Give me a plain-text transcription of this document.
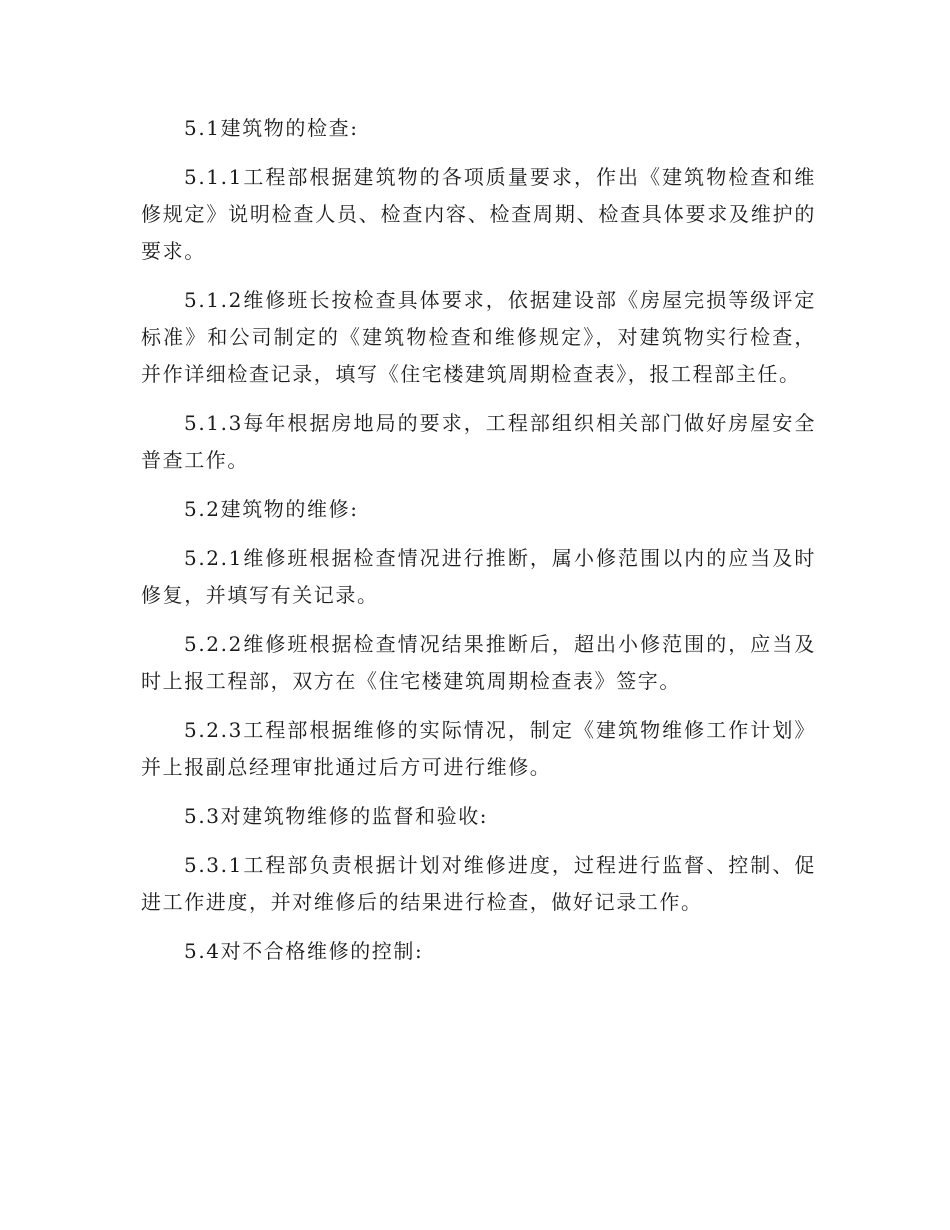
5.1建筑物的检查:

5.1.1工程部根据建筑物的各项质量要求，作出《建筑物检查和维修规定》说明检查人员、检查内容、检查周期、检查具体要求及维护的要求。

5.1.2维修班长按检查具体要求，依据建设部《房屋完损等级评定标准》和公司制定的《建筑物检查和维修规定》，对建筑物实行检查，并作详细检查记录，填写《住宅楼建筑周期检查表》，报工程部主任。

5.1.3每年根据房地局的要求，工程部组织相关部门做好房屋安全普查工作。

5.2建筑物的维修:

5.2.1维修班根据检查情况进行推断，属小修范围以内的应当及时修复，并填写有关记录。

5.2.2维修班根据检查情况结果推断后，超出小修范围的，应当及时上报工程部，双方在《住宅楼建筑周期检查表》签字。

5.2.3工程部根据维修的实际情况，制定《建筑物维修工作计划》并上报副总经理审批通过后方可进行维修。

5.3对建筑物维修的监督和验收:

5.3.1工程部负责根据计划对维修进度，过程进行监督、控制、促进工作进度，并对维修后的结果进行检查，做好记录工作。

5.4对不合格维修的控制:
